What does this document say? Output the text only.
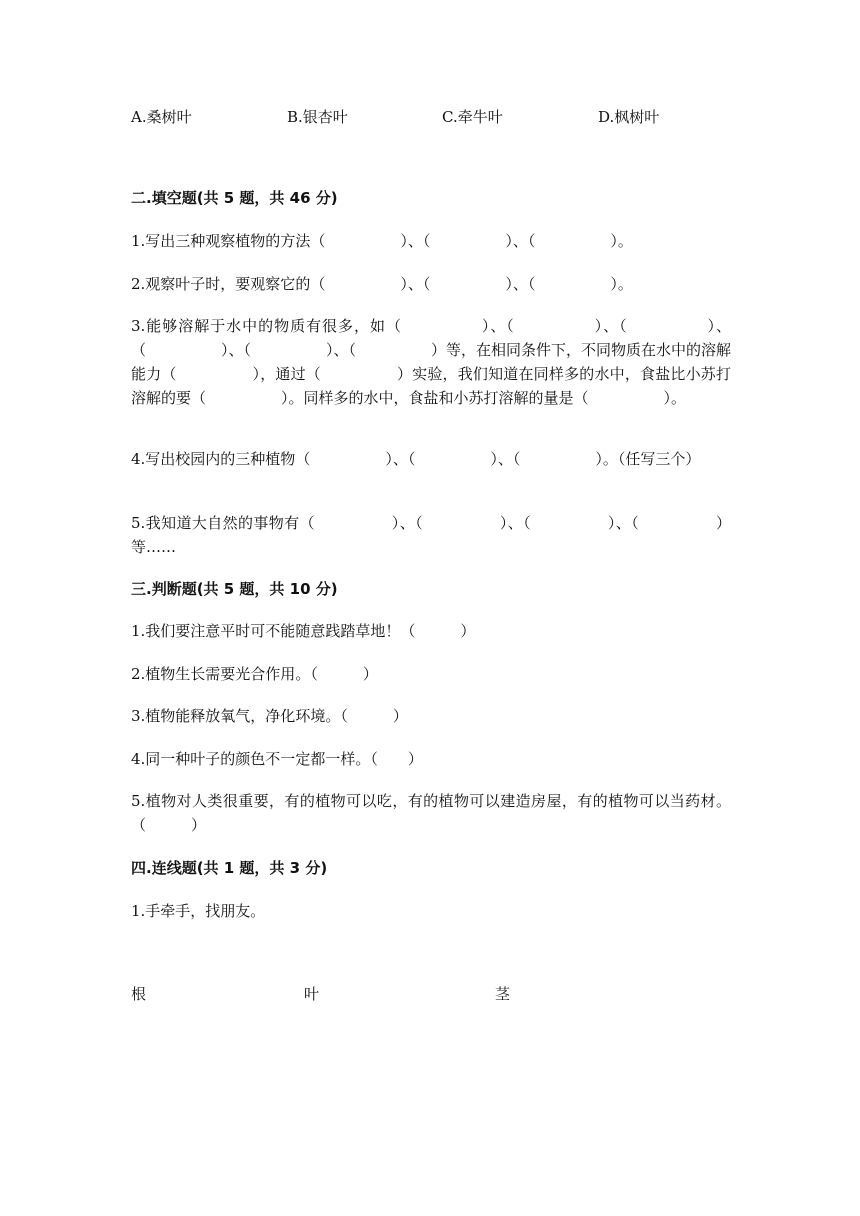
A.桑树叶	B.银杏叶	C.牵牛叶	D.枫树叶
二.填空题(共 5 题，共 46 分)
1.写出三种观察植物的方法（　　　　　）、（　　　　　）、（　　　　　）。
2.观察叶子时，要观察它的（　　　　　）、（　　　　　）、（　　　　　）。
3.能够溶解于水中的物质有很多，如（　　　　　）、（　　　　　）、（　　　　　）、（　　　　　）、（　　　　　）、（　　　　　）等，在相同条件下，不同物质在水中的溶解能力（　　　　　），通过（　　　　　）实验，我们知道在同样多的水中，食盐比小苏打溶解的要（　　　　　）。同样多的水中，食盐和小苏打溶解的量是（　　　　　）。
4.写出校园内的三种植物（　　　　　）、（　　　　　）、（　　　　　）。（任写三个）
5.我知道大自然的事物有（　　　　　）、（　　　　　）、（　　　　　）、（　　　　　）等……
三.判断题(共 5 题，共 10 分)
1.我们要注意平时可不能随意践踏草地！（　　　）
2.植物生长需要光合作用。（　　　）
3.植物能释放氧气，净化环境。（　　　）
4.同一种叶子的颜色不一定都一样。（　　）
5.植物对人类很重要，有的植物可以吃，有的植物可以建造房屋，有的植物可以当药材。（　　　）
四.连线题(共 1 题，共 3 分)
1.手牵手，找朋友。
根	叶	茎
